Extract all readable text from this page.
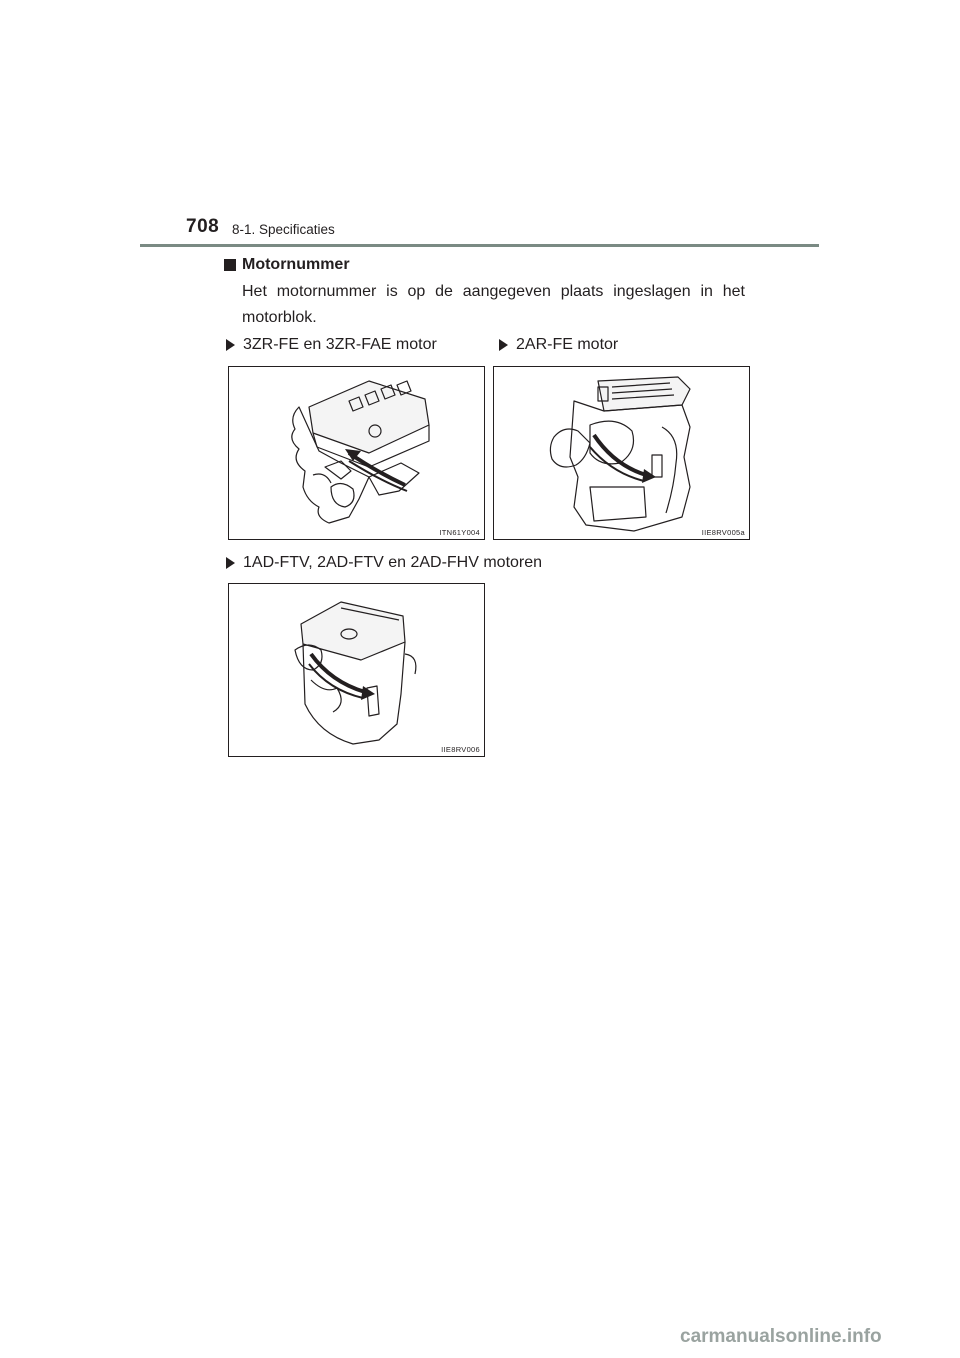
708 8-1. Specificaties
Motornummer
Het motornummer is op de aangegeven plaats ingeslagen in het motorblok.
3ZR-FE en 3ZR-FAE motor	2AR-FE motor
1AD-FTV, 2AD-FTV en 2AD-FHV motoren
ITN61Y004	IIE8RV005a
IIE8RV006
carmanualsonline.info
